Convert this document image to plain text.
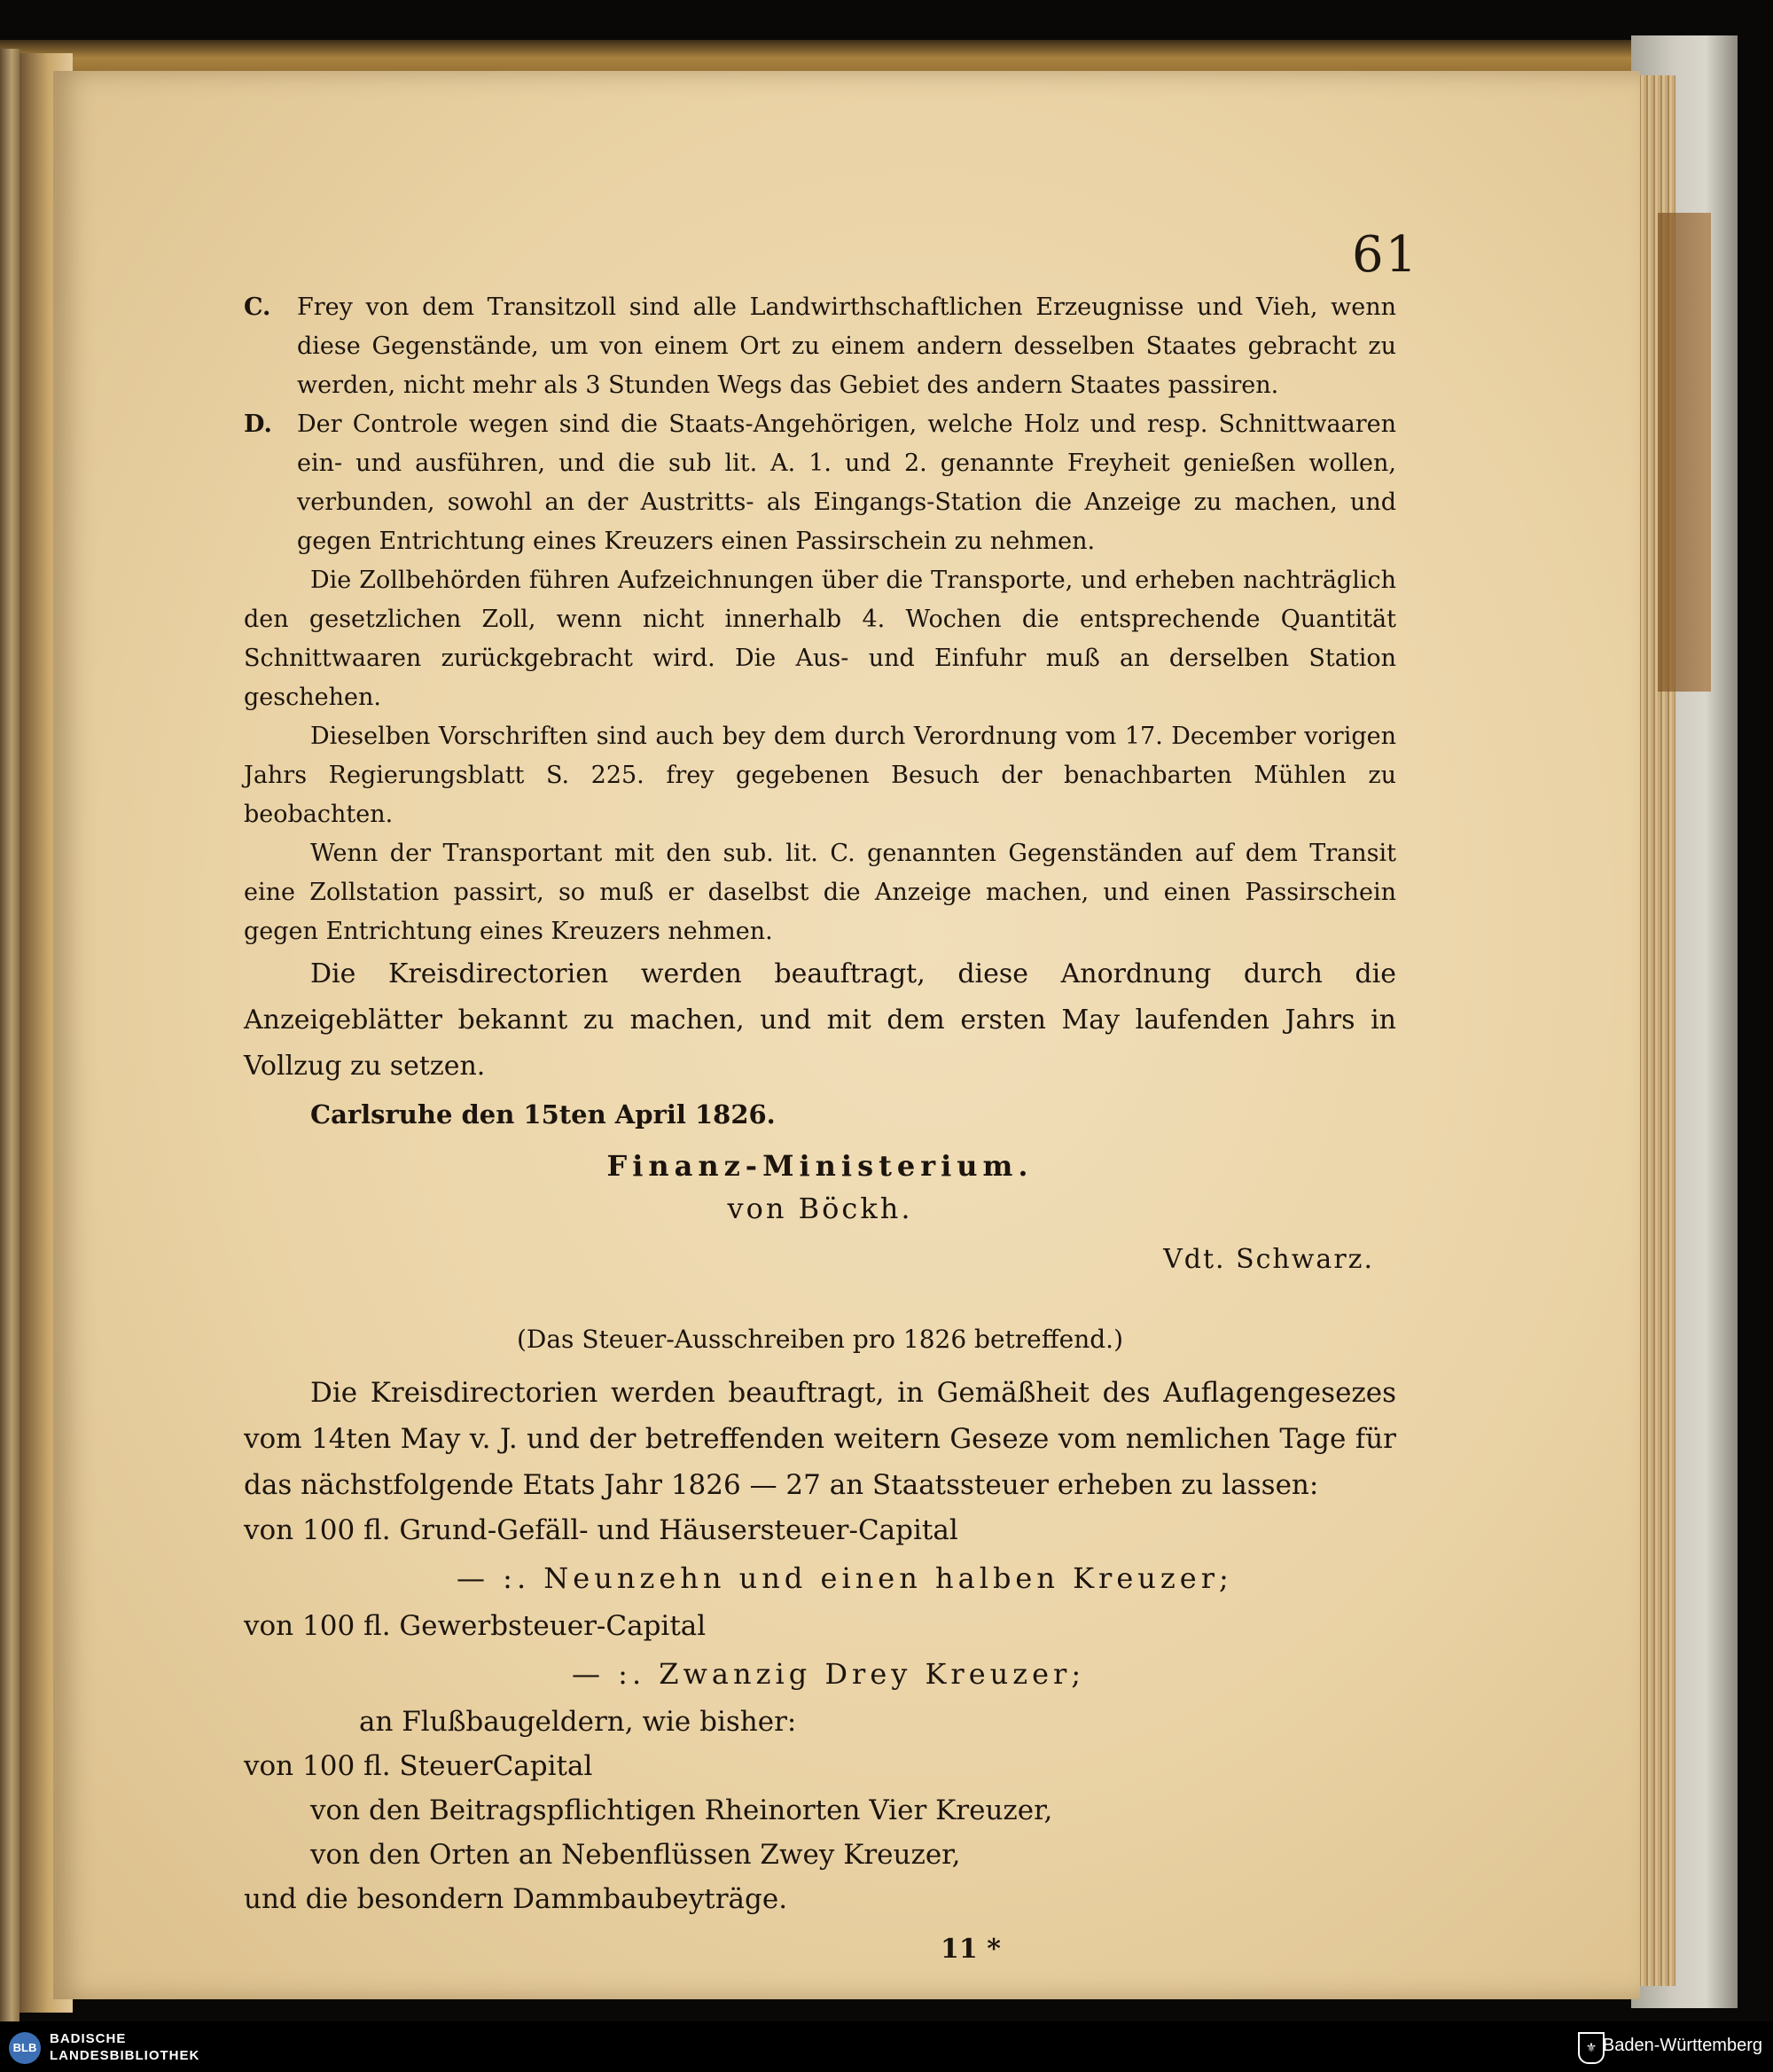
61
C.	Frey von dem Transitzoll sind alle Landwirthschaftlichen Erzeugnisse und Vieh, wenn diese Gegenstände, um von einem Ort zu einem andern desselben Staates gebracht zu werden, nicht mehr als 3 Stunden Wegs das Gebiet des andern Staates passiren.

D.	Der Controle wegen sind die Staats-Angehörigen, welche Holz und resp. Schnittwaaren ein- und ausführen, und die sub lit. A. 1. und 2. genannte Freyheit genießen wollen, verbunden, sowohl an der Austritts- als Eingangs-Station die Anzeige zu machen, und gegen Entrichtung eines Kreuzers einen Passirschein zu nehmen.

Die Zollbehörden führen Aufzeichnungen über die Transporte, und erheben nachträglich den gesetzlichen Zoll, wenn nicht innerhalb 4. Wochen die entsprechende Quantität Schnittwaaren zurückgebracht wird. Die Aus- und Einfuhr muß an derselben Station geschehen.

Dieselben Vorschriften sind auch bey dem durch Verordnung vom 17. December vorigen Jahrs Regierungsblatt S. 225. frey gegebenen Besuch der benachbarten Mühlen zu beobachten.

Wenn der Transportant mit den sub. lit. C. genannten Gegenständen auf dem Transit eine Zollstation passirt, so muß er daselbst die Anzeige machen, und einen Passirschein gegen Entrichtung eines Kreuzers nehmen.

Die Kreisdirectorien werden beauftragt, diese Anordnung durch die Anzeigeblätter bekannt zu machen, und mit dem ersten May laufenden Jahrs in Vollzug zu setzen.

Carlsruhe den 15ten April 1826.
Finanz-Ministerium.
von Böckh.
Vdt. Schwarz.
(Das Steuer-Ausschreiben pro 1826 betreffend.)

Die Kreisdirectorien werden beauftragt, in Gemäßheit des Auflagengesezes vom 14ten May v. J. und der betreffenden weitern Geseze vom nemlichen Tage für das nächstfolgende Etats Jahr 1826 — 27 an Staatssteuer erheben zu lassen:

von 100 fl. Grund-Gefäll- und Häusersteuer-Capital

— :. Neunzehn und einen halben Kreuzer;

von 100 fl. Gewerbsteuer-Capital

— :. Zwanzig Drey Kreuzer;

an Flußbaugeldern, wie bisher:

von 100 fl. SteuerCapital

von den Beitragspflichtigen Rheinorten Vier Kreuzer,

von den Orten an Nebenflüssen Zwey Kreuzer,

und die besondern Dammbaubeyträge.

11 *
BLB
BADISCHE
LANDESBIBLIOTHEK
⚜ Baden-Württemberg
